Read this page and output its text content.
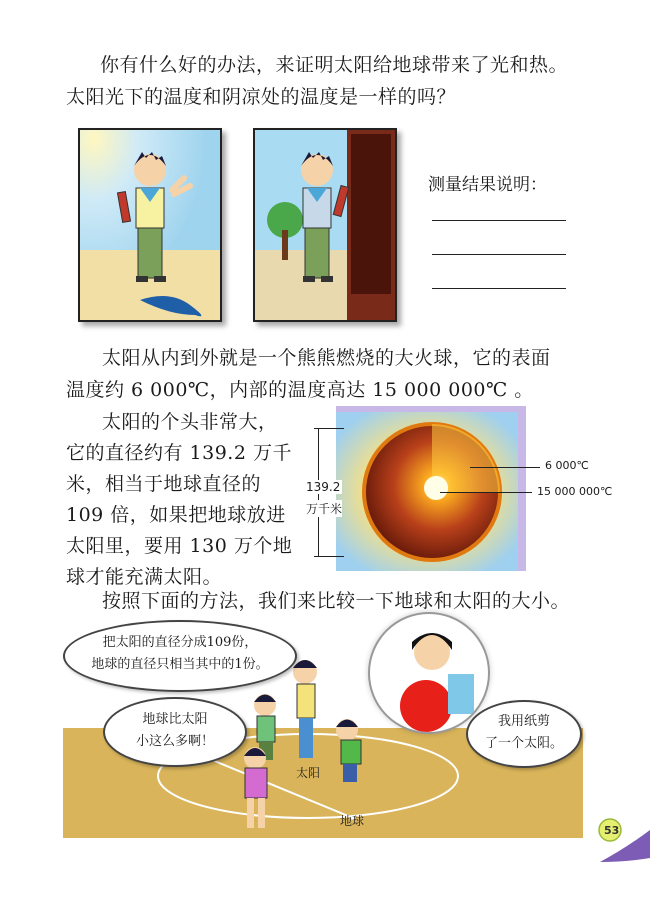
你有什么好的办法，来证明太阳给地球带来了光和热。
太阳光下的温度和阴凉处的温度是一样的吗？
测量结果说明：
太阳从内到外就是一个熊熊燃烧的大火球，它的表面
温度约 6 000℃，内部的温度高达 15 000 000℃ 。
太阳的个头非常大，
它的直径约有 139.2 万千
米，相当于地球直径的
109 倍，如果把地球放进
太阳里，要用 130 万个地
球才能充满太阳。
139.2
万千米
6 000℃
15 000 000℃
按照下面的方法，我们来比较一下地球和太阳的大小。
太阳
地球
把太阳的直径分成109份，
地球的直径只相当其中的1份。
地球比太阳
小这么多啊！
我用纸剪
了一个太阳。
53
